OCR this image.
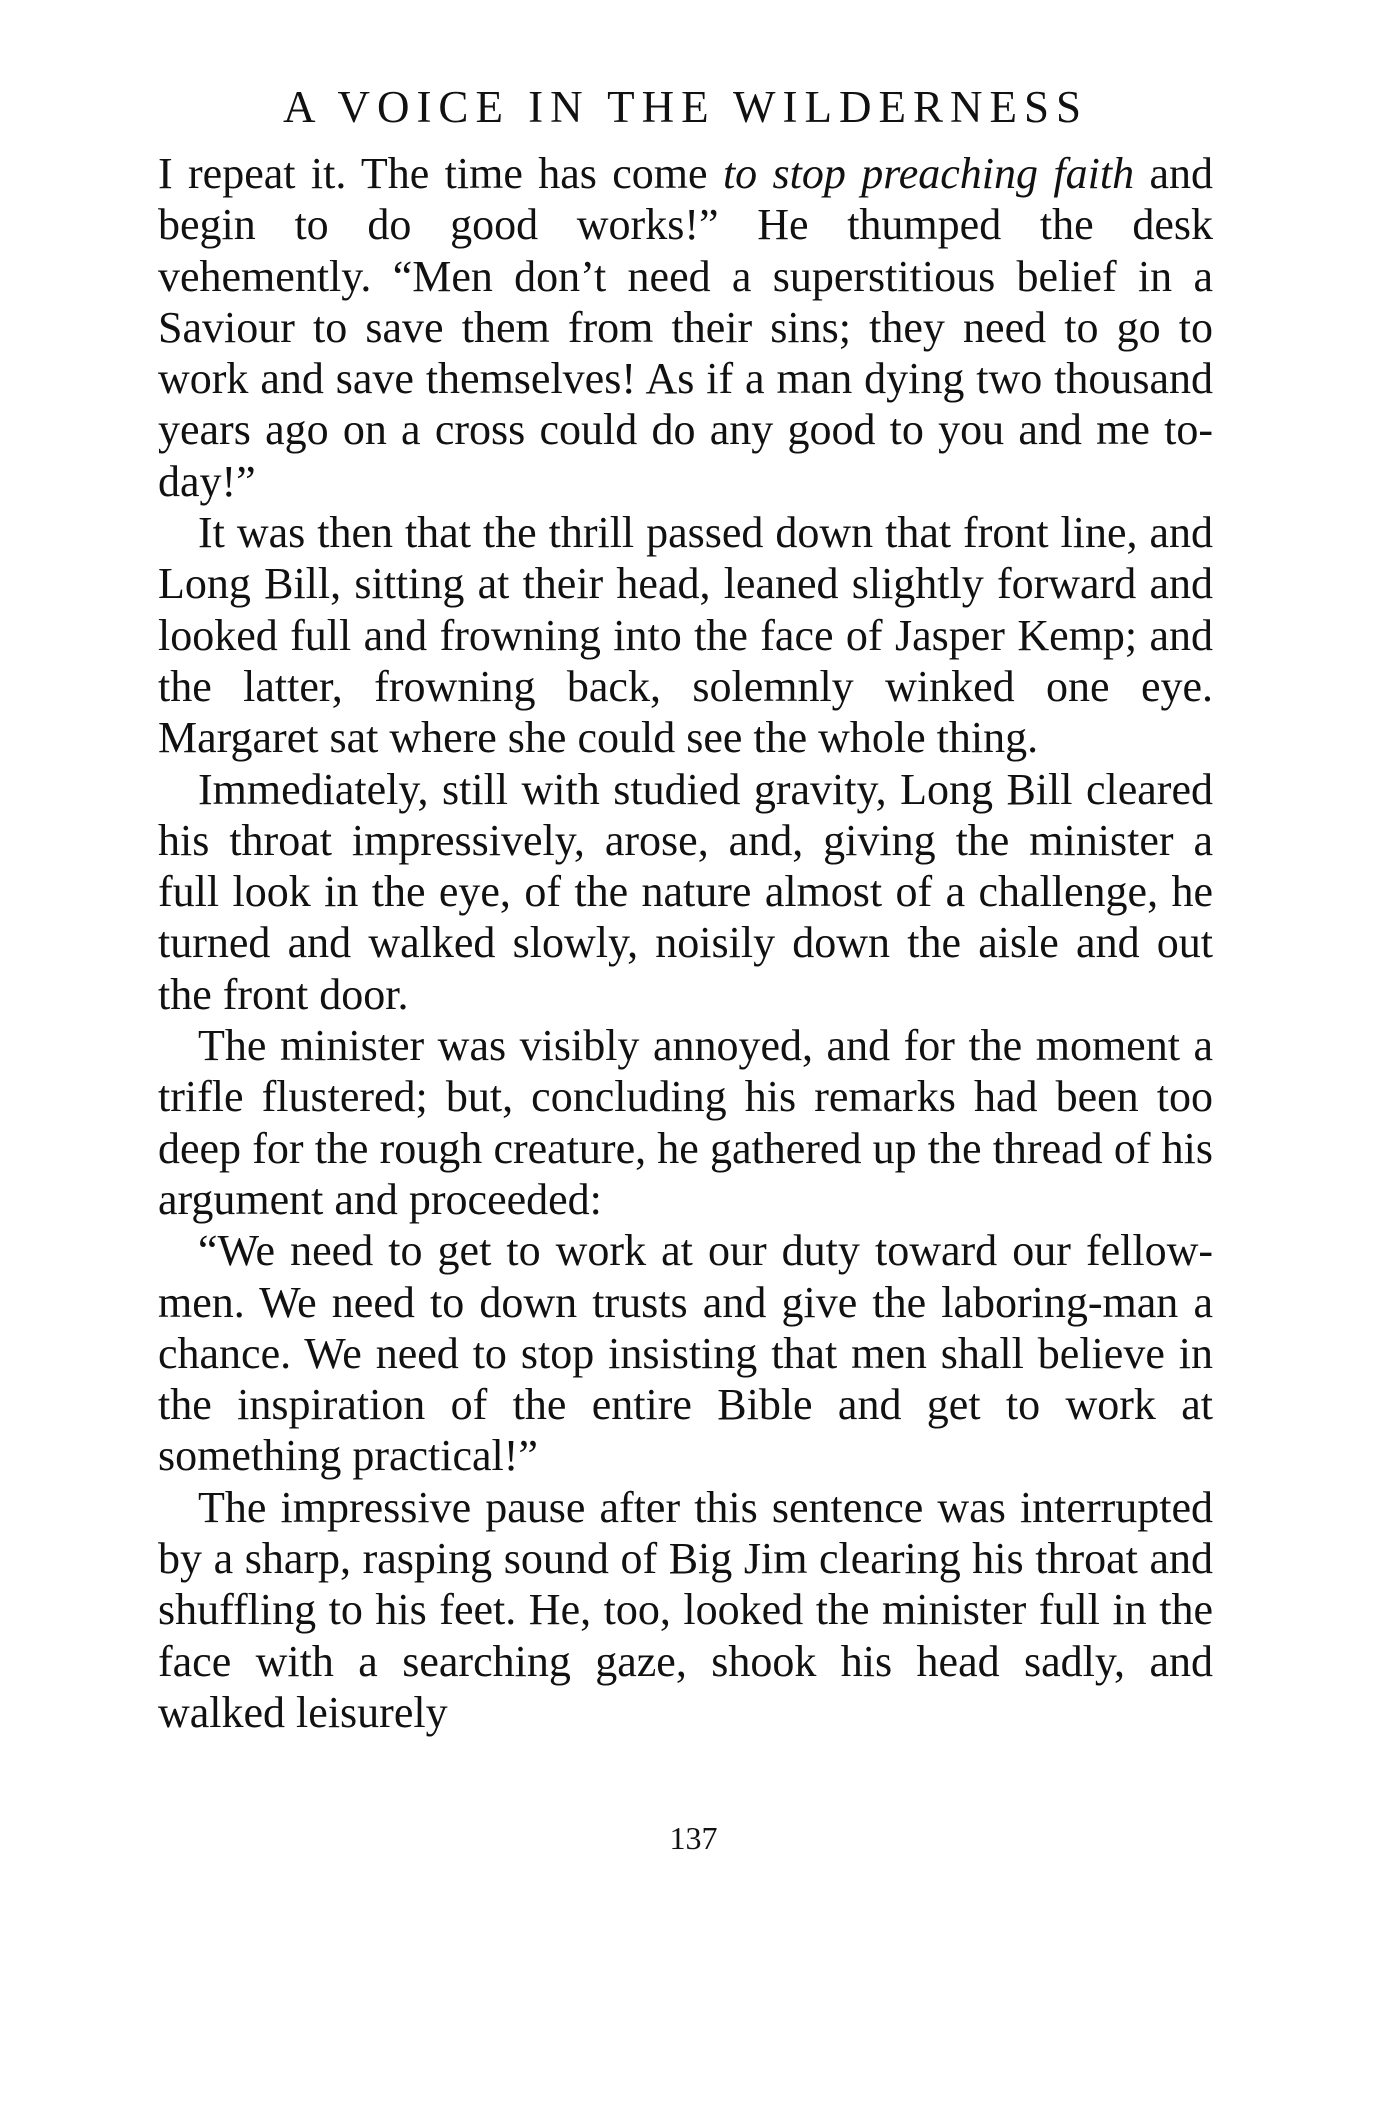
A VOICE IN THE WILDERNESS

I repeat it. The time has come to stop preaching faith and begin to do good works!” He thumped the desk vehemently. “Men don’t need a superstitious belief in a Saviour to save them from their sins; they need to go to work and save themselves! As if a man dying two thousand years ago on a cross could do any good to you and me to-day!”

It was then that the thrill passed down that front line, and Long Bill, sitting at their head, leaned slightly forward and looked full and frowning into the face of Jasper Kemp; and the latter, frowning back, solemnly winked one eye. Margaret sat where she could see the whole thing.

Immediately, still with studied gravity, Long Bill cleared his throat impressively, arose, and, giving the minister a full look in the eye, of the nature almost of a challenge, he turned and walked slowly, noisily down the aisle and out the front door.

The minister was visibly annoyed, and for the moment a trifle flustered; but, concluding his remarks had been too deep for the rough creature, he gathered up the thread of his argument and proceeded:

“We need to get to work at our duty toward our fellow-men. We need to down trusts and give the laboring-man a chance. We need to stop insisting that men shall believe in the inspiration of the entire Bible and get to work at something practical!”

The impressive pause after this sentence was interrupted by a sharp, rasping sound of Big Jim clearing his throat and shuffling to his feet. He, too, looked the minister full in the face with a searching gaze, shook his head sadly, and walked leisurely

137
